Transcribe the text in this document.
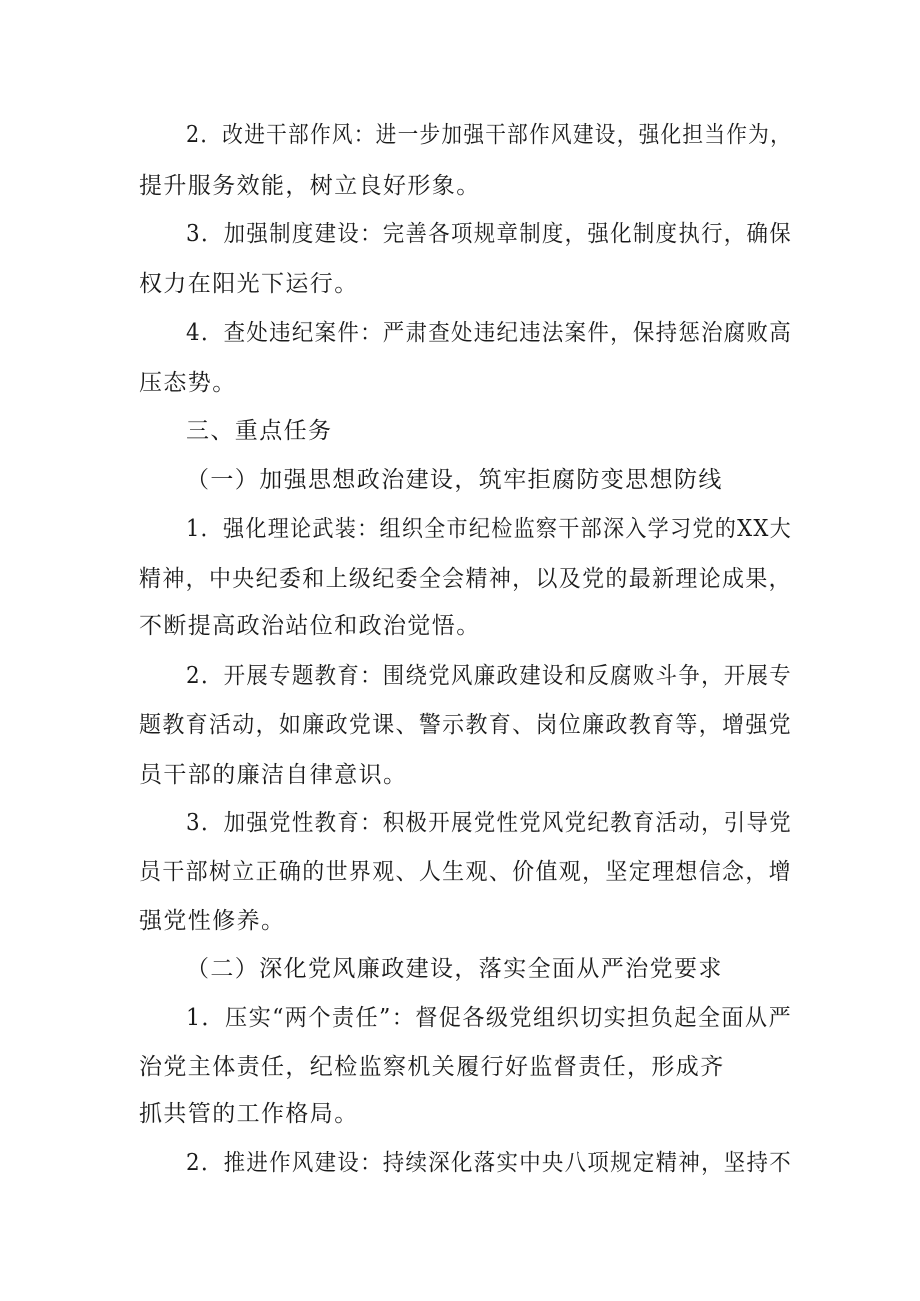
2．改进干部作风：进一步加强干部作风建设，强化担当作为，
提升服务效能，树立良好形象。
3．加强制度建设：完善各项规章制度，强化制度执行，确保
权力在阳光下运行。
4．查处违纪案件：严肃查处违纪违法案件，保持惩治腐败高
压态势。
三、重点任务
（一）加强思想政治建设，筑牢拒腐防变思想防线
1．强化理论武装：组织全市纪检监察干部深入学习党的XX大
精神，中央纪委和上级纪委全会精神，以及党的最新理论成果，
不断提高政治站位和政治觉悟。
2．开展专题教育：围绕党风廉政建设和反腐败斗争，开展专
题教育活动，如廉政党课、警示教育、岗位廉政教育等，增强党
员干部的廉洁自律意识。
3．加强党性教育：积极开展党性党风党纪教育活动，引导党
员干部树立正确的世界观、人生观、价值观，坚定理想信念，增
强党性修养。
（二）深化党风廉政建设，落实全面从严治党要求
1．压实“两个责任”：督促各级党组织切实担负起全面从严
治党主体责任，纪检监察机关履行好监督责任，形成齐
抓共管的工作格局。
2．推进作风建设：持续深化落实中央八项规定精神，坚持不
